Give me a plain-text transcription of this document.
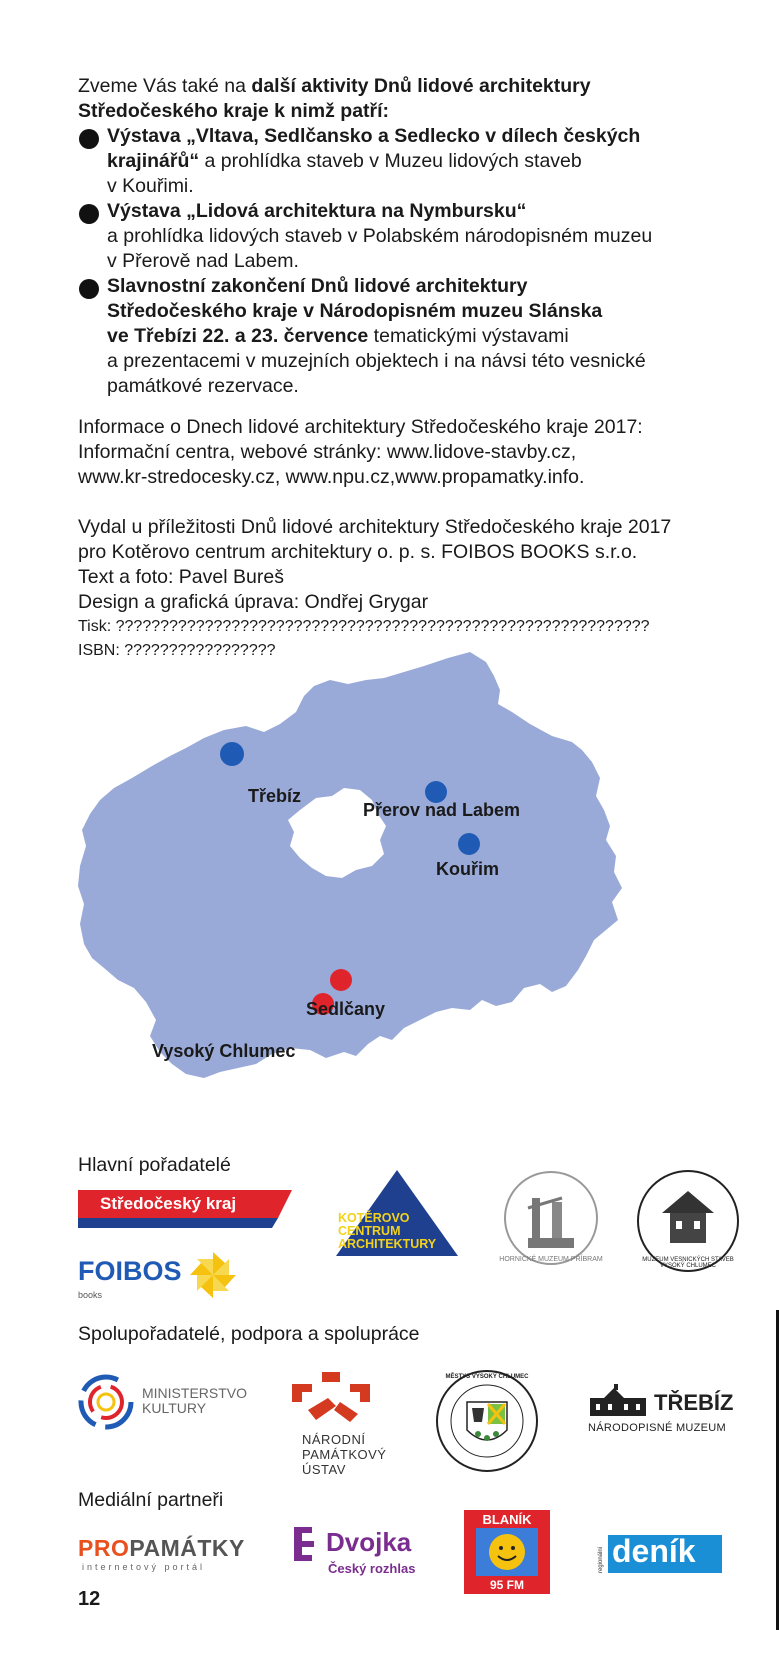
Zveme Vás také na další aktivity Dnů lidové architektury
Středočeského kraje k nimž patří:
Výstava „Vltava, Sedlčansko a Sedlecko v dílech českých
krajinářů“ a prohlídka staveb v Muzeu lidových staveb
v Kouřimi.
Výstava „Lidová architektura na Nymbursku“
a prohlídka lidových staveb v Polabském národopisném muzeu
v Přerově nad Labem.
Slavnostní zakončení Dnů lidové architektury
Středočeského kraje v Národopisném muzeu Slánska
ve Třebízi 22. a 23. července tematickými výstavami
a prezentacemi v muzejních objektech i na návsi této vesnické
památkové rezervace.
Informace o Dnech lidové architektury Středočeského kraje 2017:
Informační centra, webové stránky: www.lidove-stavby.cz,
www.kr-stredocesky.cz, www.npu.cz,www.propamatky.info.
Vydal u příležitosti Dnů lidové architektury Středočeského kraje 2017
pro Kotěrovo centrum architektury o. p. s. FOIBOS BOOKS s.r.o.
Text a foto: Pavel Bureš
Design a grafická úprava: Ondřej Grygar
Tisk: ????????????????????????????????????????????????????????????
ISBN: ?????????????????
Třebíz
Přerov nad Labem
Kouřim
Sedlčany
Vysoký Chlumec
Hlavní pořadatelé
Středočeský kraj
KOTĚROVO
CENTRUM
ARCHITEKTURY
HORNICKÉ MUZEUM PŘÍBRAM	MUZEUM VESNICKÝCH STAVEB VYSOKÝ CHLUMEC
FOIBOS
books
Spolupořadatelé, podpora a spolupráce
MINISTERSTVO
KULTURY
NÁRODNÍ
PAMÁTKOVÝ
ÚSTAV
MĚSTYS VYSOKÝ CHLUMEC
TŘEBÍZ
NÁRODOPISNÉ MUZEUM
Mediální partneři
PROPAMÁTKY
internetový portál
Dvojka
Český rozhlas
BLANÍK
95 FM
regionální deník
12
